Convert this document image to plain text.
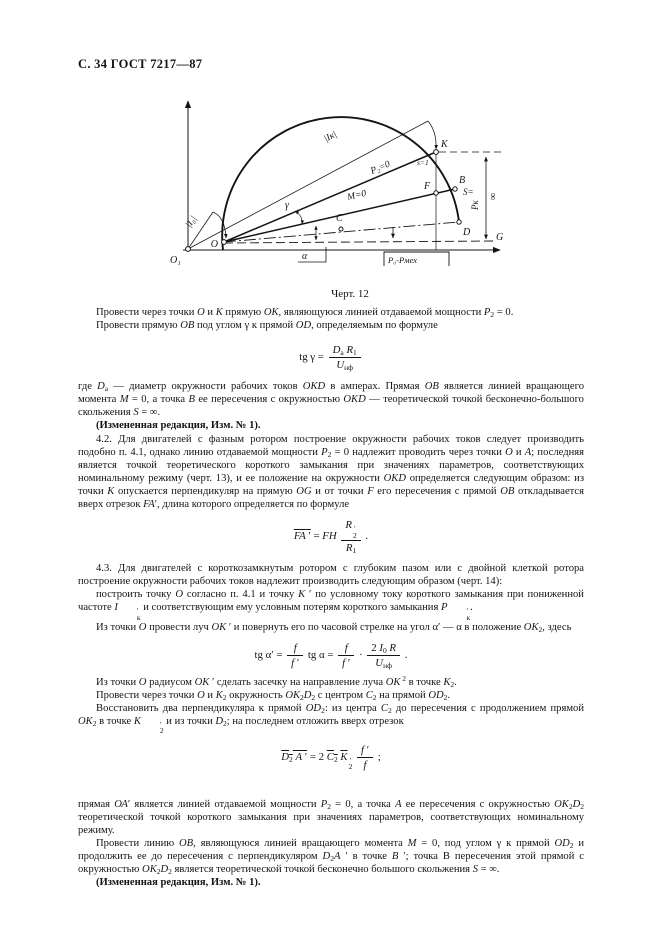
С. 34 ГОСТ 7217—87
O₁
O
K
s=1
F
B
D
C
G
|Iк|
|I₀|
P₂=0
M=0
γ
α
S= ∞
Pк
P₀-Pмех
Черт. 12

Провести через точки О и К прямую ОК, являющуюся линией отдаваемой мощности $Р_2 = 0$.

Провести прямую ОВ под углом γ к прямой OD, определяемым по формуле

tg $\gamma = \frac{D_а R_1}{U_{нф}}$

где $D_а$ — диаметр окружности рабочих токов OKD в амперах. Прямая ОВ является линией вращающего момента М = 0, а точка В ее пересечения с окружностью OKD — теоретической точкой бесконечно-большого скольжения S = ∞.

(Измененная редакция, Изм. № 1).

4.2. Для двигателей с фазным ротором построение окружности рабочих токов следует производить подобно п. 4.1, однако линию отдаваемой мощности $Р_2 = 0$ надлежит проводить через точки О и А; последняя является точкой теоретического короткого замыкания при значениях параметров, соответствующих номинальному режиму (черт. 13), и ее положение на окружности OKD определяется следующим образом: из точки К опускается перпендикуляр на прямую OG и от точки F его пересечения с прямой ОВ откладывается вверх отрезок FA′, длина которого определяется по формуле

FA ′ = FH R ′
2
$R_1$ .

4.3. Для двигателей с короткозамкнутым ротором с глубоким пазом или с двойной клеткой ротора построение окружности рабочих токов надлежит производить следующим образом (черт. 14):

построить точку О согласно п. 4.1 и точку К ′ по условному току короткого замыкания при пониженной частоте I	′
к
и соответствующим ему условным потерям короткого замыкания Р	′
к
.

Из точки О провести луч ОК ′ и повернуть его по часовой стрелке на угол α′ — α в положение $ОК_2$, здесь

tg $\alpha' = \frac{f}{f '}$ tg $\alpha = \frac{f}{f '} \cdot \frac{2 I_0 R}{U_{нф}}$ .

Из точки О радиусом ОК ′ сделать засечку на направление луча ОК $^2$ в точке $К_2$.

Провести через точки О и $К_2$ окружность $ОК_2D_2$ с центром $С_2$ на прямой $ОD_2$.

Восстановить два перпендикуляра к прямой $ОD_2$: из центра $С_2$ до пересечения с продолжением прямой $ОК_2$ в точке К	′
2
и из точки $D_2$; на последнем отложить вверх отрезок

$D_2$ А ′ = 2 $С_2$ К ′
2
$\frac{f '}{f}$ ;

прямая ОА′ является линией отдаваемой мощности $Р_2 = 0$, а точка А ее пересечения с окружностью $ОК_2D_2$ теоретической точкой короткого замыкания при значениях параметров, соответствующих номинальному режиму.

Провести линию ОВ, являющуюся линией вращающего момента М = 0, под углом γ к прямой $ОD_2$ и продолжить ее до пересечения с перпендикуляром $D_2А$ ′ в точке В ′; точка В пересечения этой прямой с окружностью $ОК_2D_2$ является теоретической точкой бесконечно большого скольжения S = ∞.

(Измененная редакция, Изм. № 1).
